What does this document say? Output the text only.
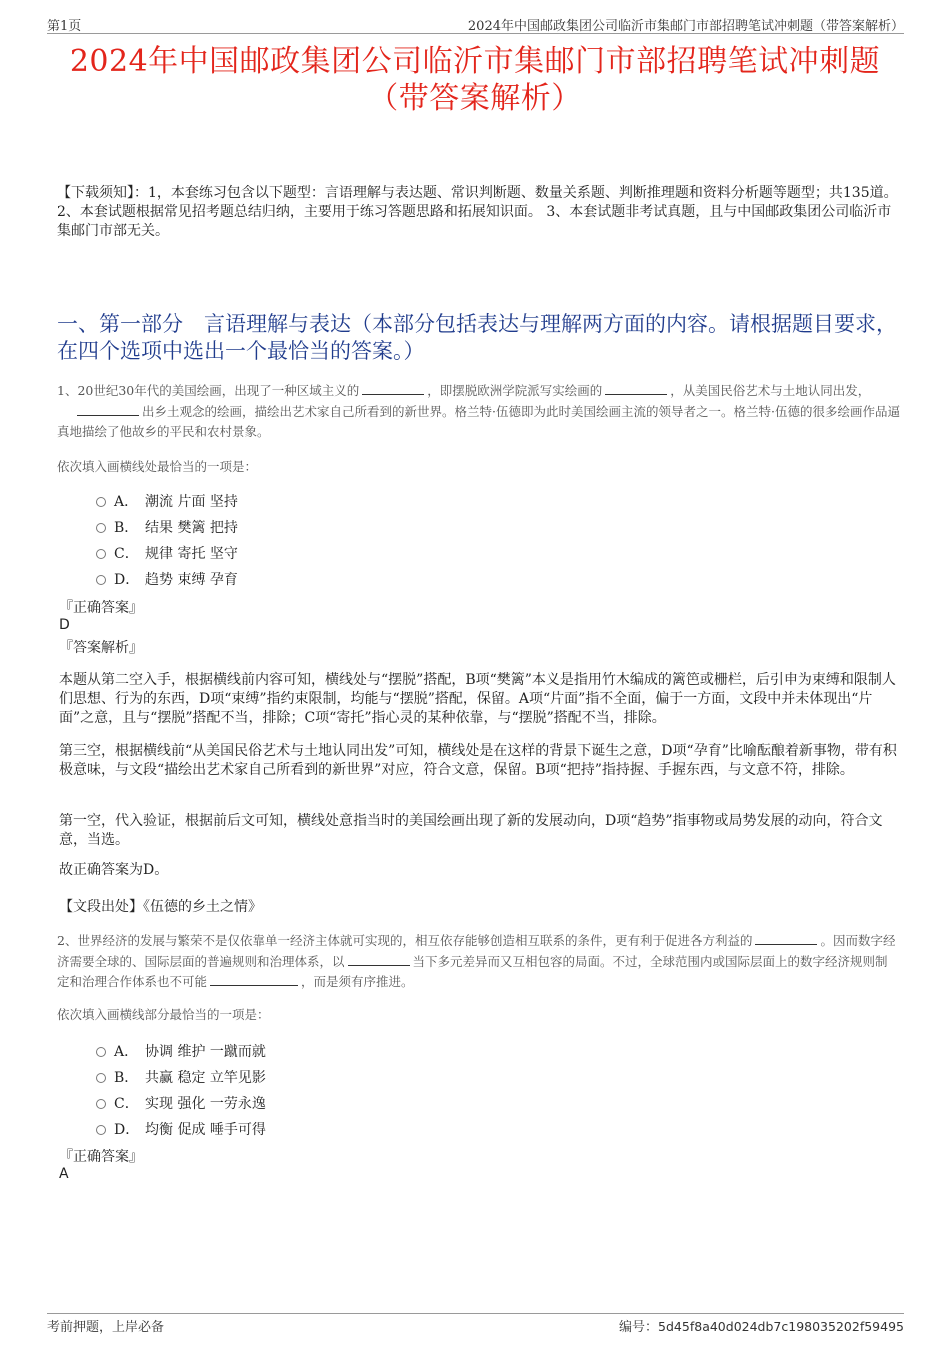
第1页	2024年中国邮政集团公司临沂市集邮门市部招聘笔试冲刺题（带答案解析）
2024年中国邮政集团公司临沂市集邮门市部招聘笔试冲刺题
（带答案解析）
【下载须知】：1，本套练习包含以下题型：言语理解与表达题、常识判断题、数量关系题、判断推理题和资料分析题等题型；共135道。 2、本套试题根据常见招考题总结归纳，主要用于练习答题思路和拓展知识面。 3、本套试题非考试真题，且与中国邮政集团公司临沂市集邮门市部无关。
一、第一部分　言语理解与表达（本部分包括表达与理解两方面的内容。请根据题目要求，在四个选项中选出一个最恰当的答案。）
1、20世纪30年代的美国绘画，出现了一种区域主义的	，即摆脱欧洲学院派写实绘画的	，从美国民俗艺术与土地认同出发，出乡土观念的绘画，描绘出艺术家自己所看到的新世界。格兰特·伍德即为此时美国绘画主流的领导者之一。格兰特·伍德的很多绘画作品逼真地描绘了他故乡的平民和农村景象。
依次填入画横线处最恰当的一项是：
A． 潮流 片面 坚持
B． 结果 樊篱 把持
C． 规律 寄托 坚守
D． 趋势 束缚 孕育
『正确答案』
D
『答案解析』
本题从第二空入手，根据横线前内容可知，横线处与“摆脱”搭配，B项“樊篱”本义是指用竹木编成的篱笆或栅栏，后引申为束缚和限制人们思想、行为的东西，D项“束缚”指约束限制，均能与“摆脱”搭配，保留。A项“片面”指不全面，偏于一方面，文段中并未体现出“片面”之意，且与“摆脱”搭配不当，排除；C项“寄托”指心灵的某种依靠，与“摆脱”搭配不当，排除。
第三空，根据横线前“从美国民俗艺术与土地认同出发”可知，横线处是在这样的背景下诞生之意，D项“孕育”比喻酝酿着新事物，带有积极意味，与文段“描绘出艺术家自己所看到的新世界”对应，符合文意，保留。B项“把持”指持握、手握东西，与文意不符，排除。
第一空，代入验证，根据前后文可知，横线处意指当时的美国绘画出现了新的发展动向，D项“趋势”指事物或局势发展的动向，符合文意，当选。
故正确答案为D。
【文段出处】《伍德的乡土之情》
2、世界经济的发展与繁荣不是仅依靠单一经济主体就可实现的，相互依存能够创造相互联系的条件，更有利于促进各方利益的	。因而数字经济需要全球的、国际层面的普遍规则和治理体系，以	当下多元差异而又互相包容的局面。不过，全球范围内或国际层面上的数字经济规则制定和治理合作体系也不可能	，而是须有序推进。
依次填入画横线部分最恰当的一项是：
A． 协调 维护 一蹴而就
B． 共赢 稳定 立竿见影
C． 实现 强化 一劳永逸
D． 均衡 促成 唾手可得
『正确答案』
A
考前押题，上岸必备	编号：5d45f8a40d024db7c198035202f59495
